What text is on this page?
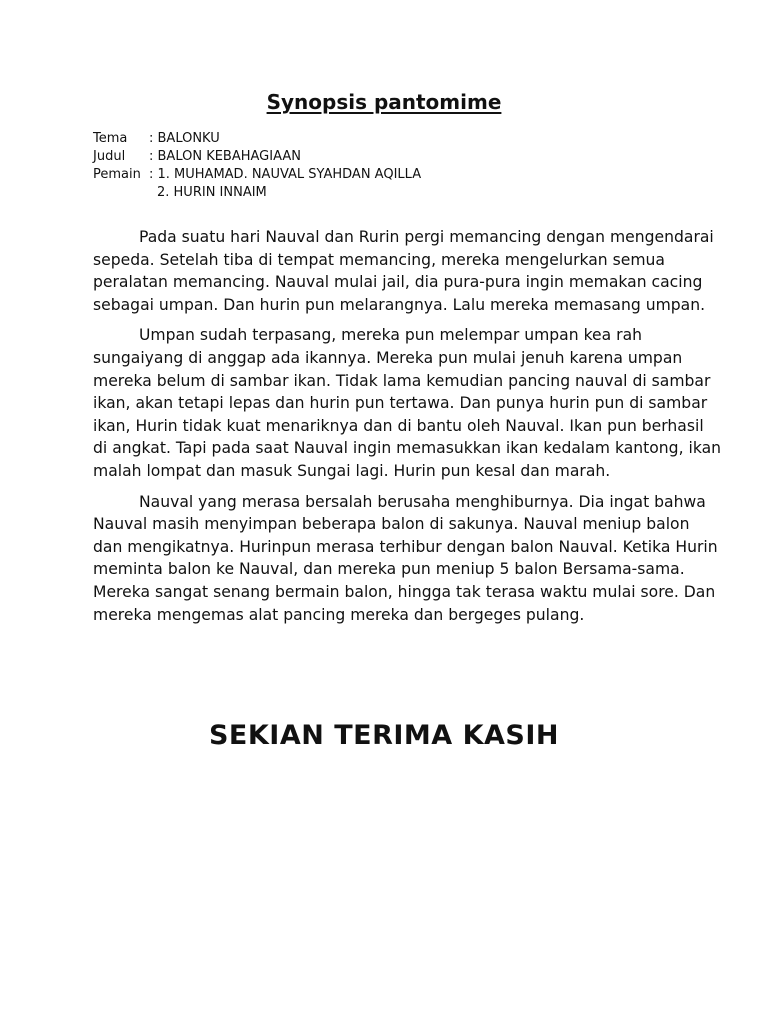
Synopsis pantomime
Tema	: BALONKU
Judul	: BALON KEBAHAGIAAN
Pemain : 1. MUHAMAD. NAUVAL SYAHDAN AQILLA
2. HURIN INNAIM

Pada suatu hari Nauval dan Rurin pergi memancing dengan mengendarai
sepeda. Setelah tiba di tempat memancing, mereka mengelurkan semua
peralatan memancing. Nauval mulai jail, dia pura-pura ingin memakan cacing
sebagai umpan. Dan hurin pun melarangnya. Lalu mereka memasang umpan.

Umpan sudah terpasang, mereka pun melempar umpan kea rah
sungaiyang di anggap ada ikannya. Mereka pun mulai jenuh karena umpan
mereka belum di sambar ikan. Tidak lama kemudian pancing nauval di sambar
ikan, akan tetapi lepas dan hurin pun tertawa. Dan punya hurin pun di sambar
ikan, Hurin tidak kuat menariknya dan di bantu oleh Nauval. Ikan pun berhasil
di angkat. Tapi pada saat Nauval ingin memasukkan ikan kedalam kantong, ikan
malah lompat dan masuk Sungai lagi. Hurin pun kesal dan marah.

Nauval yang merasa bersalah berusaha menghiburnya. Dia ingat bahwa
Nauval masih menyimpan beberapa balon di sakunya. Nauval meniup balon
dan mengikatnya. Hurinpun merasa terhibur dengan balon Nauval. Ketika Hurin
meminta balon ke Nauval, dan mereka pun meniup 5 balon Bersama-sama.
Mereka sangat senang bermain balon, hingga tak terasa waktu mulai sore. Dan
mereka mengemas alat pancing mereka dan bergeges pulang.

SEKIAN TERIMA KASIH
